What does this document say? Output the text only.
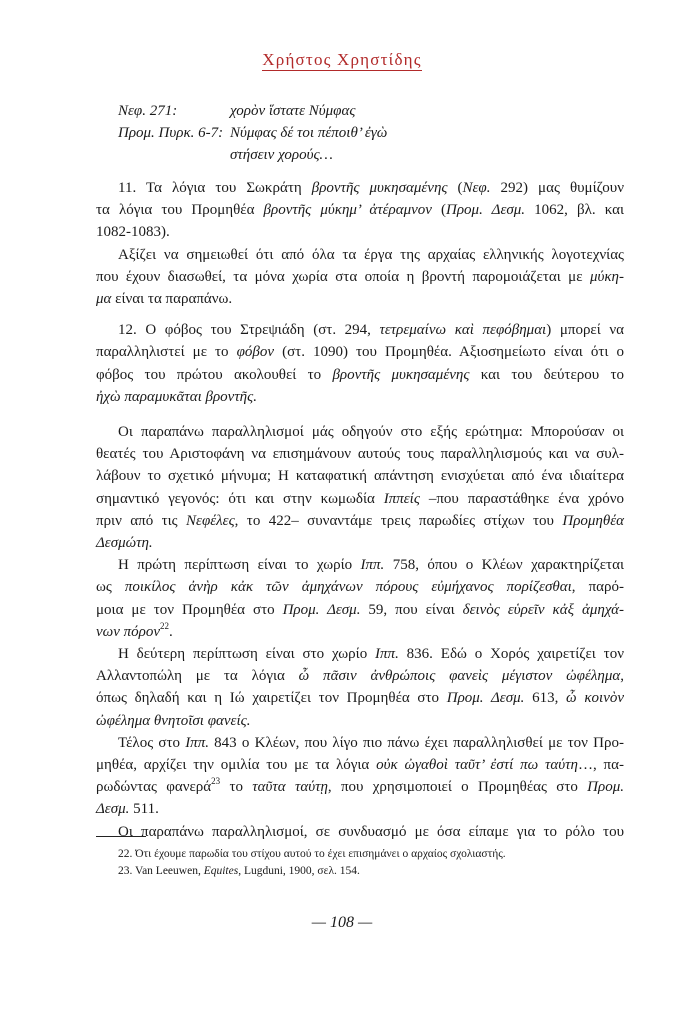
Χρήστος Χρηστίδης
Νεφ. 271:	χορὸν ἵστατε Νύμφας
Προμ. Πυρκ. 6-7: Νύμφας δέ τοι πέποιθ’ ἐγὼ
στήσειν χορούς…

11. Τα λόγια του Σωκράτη βροντῆς μυκησαμένης (Νεφ. 292) μας θυμίζουν
τα λόγια του Προμηθέα βροντῆς μύκημ’ ἀτέραμνον (Προμ. Δεσμ. 1062, βλ. και
1082-1083).

Αξίζει να σημειωθεί ότι από όλα τα έργα της αρχαίας ελληνικής λογοτεχνίας
που έχουν διασωθεί, τα μόνα χωρία στα οποία η βροντή παρομοιάζεται με μύκη-
μα είναι τα παραπάνω.

12. Ο φόβος του Στρεψιάδη (στ. 294, τετρεμαίνω καὶ πεφόβημαι) μπορεί να
παραλληλιστεί με το φόβον (στ. 1090) του Προμηθέα. Αξιοσημείωτο είναι ότι ο
φόβος του πρώτου ακολουθεί το βροντῆς μυκησαμένης και του δεύτερου το
ἠχὼ παραμυκᾶται βροντῆς.

Οι παραπάνω παραλληλισμοί μάς οδηγούν στο εξής ερώτημα: Μπορούσαν οι
θεατές του Αριστοφάνη να επισημάνουν αυτούς τους παραλληλισμούς και να συλ-
λάβουν το σχετικό μήνυμα; Η καταφατική απάντηση ενισχύεται από ένα ιδιαίτερα
σημαντικό γεγονός: ότι και στην κωμωδία Ιππείς –που παραστάθηκε ένα χρόνο
πριν από τις Νεφέλες, το 422– συναντάμε τρεις παρωδίες στίχων του Προμηθέα
Δεσμώτη.

Η πρώτη περίπτωση είναι το χωρίο Ιππ. 758, όπου ο Κλέων χαρακτηρίζεται
ως ποικίλος ἀνὴρ κἀκ τῶν ἀμηχάνων πόρους εὐμήχανος πορίζεσθαι, παρό-
μοια με τον Προμηθέα στο Προμ. Δεσμ. 59, που είναι δεινὸς εὑρεῖν κἀξ ἀμηχά-
νων πόρον$^{22}$.

Η δεύτερη περίπτωση είναι στο χωρίο Ιππ. 836. Εδώ ο Χορός χαιρετίζει τον
Αλλαντοπώλη με τα λόγια ὦ πᾶσιν ἀνθρώποις φανεὶς μέγιστον ὠφέλημα,
όπως δηλαδή και η Ιώ χαιρετίζει τον Προμηθέα στο Προμ. Δεσμ. 613, ὦ κοινὸν
ὠφέλημα θνητοῖσι φανείς.

Τέλος στο Ιππ. 843 ο Κλέων, που λίγο πιο πάνω έχει παραλληλισθεί με τον Προ-
μηθέα, αρχίζει την ομιλία του με τα λόγια οὐκ ὠγαθοὶ ταῦτ’ ἐστί πω ταύτη…, πα-
ρωδώντας φανερά$^{23}$ το ταῦτα ταύτῃ, που χρησιμοποιεί ο Προμηθέας στο Προμ.
Δεσμ. 511.

Οι παραπάνω παραλληλισμοί, σε συνδυασμό με όσα είπαμε για το ρόλο του

22. Ότι έχουμε παρωδία του στίχου αυτού το έχει επισημάνει ο αρχαίος σχολιαστής.
23. Van Leeuwen, Equites, Lugduni, 1900, σελ. 154.
— 108 —
